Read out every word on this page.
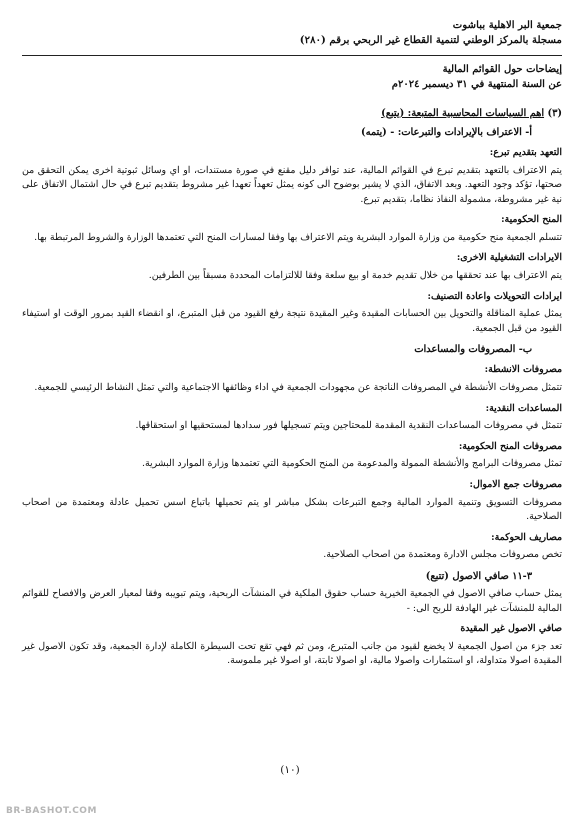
جمعية البر الاهلية بباشوت
مسجلة بالمركز الوطني لتنمية القطاع غير الربحي برقم (٢٨٠)
إيضاحات حول القوائم المالية
عن السنة المنتهية في ٣١ ديسمبر ٢٠٢٤م
(٣) اهم السياسات المحاسبية المتبعة: (يتبع)
أ- الاعتراف بالإيرادات والتبرعات: - (يتمه)
التعهد بتقديم تبرع:
يتم الاعتراف بالتعهد بتقديم تبرع في القوائم المالية، عند توافر دليل مقنع في صورة مستندات، او اي وسائل ثبوتية اخرى يمكن التحقق من صحتها، تؤكد وجود التعهد. وبعد الاتفاق، الذي لا يشير بوضوح الى كونه يمثل تعهداً تعهدا غير مشروط بتقديم تبرع في حال اشتمال الاتفاق على نية غير مشروطة، مشمولة النفاذ نظاما، بتقديم تبرع.
المنح الحكومية:
تتسلم الجمعية منح حكومية من وزارة الموارد البشرية ويتم الاعتراف بها وفقا لمسارات المنح التي تعتمدها الوزارة والشروط المرتبطة بها.
الايرادات التشغيلية الاخرى:
يتم الاعتراف بها عند تحققها من خلال تقديم خدمة او بيع سلعة وفقا للالتزامات المحددة مسبقاً بين الطرفين.
ايرادات التحويلات واعادة التصنيف:
يمثل عملية المناقلة والتحويل بين الحسابات المقيدة وغير المقيدة نتيجة رفع القيود من قبل المتبرع، او انقضاء القيد بمرور الوقت او استيفاء القيود من قبل الجمعية.
ب- المصروفات والمساعدات
مصروفات الانشطة:
تتمثل مصروفات الأنشطة في المصروفات الناتجة عن مجهودات الجمعية في اداء وظائفها الاجتماعية والتي تمثل النشاط الرئيسي للجمعية.
المساعدات النقدية:
تتمثل في مصروفات المساعدات النقدية المقدمة للمحتاجين ويتم تسجيلها فور سدادها لمستحقيها او استحقاقها.
مصروفات المنح الحكومية:
تمثل مصروفات البرامج والأنشطة الممولة والمدعومة من المنح الحكومية التي تعتمدها وزارة الموارد البشرية.
مصروفات جمع الاموال:
مصروفات التسويق وتنمية الموارد المالية وجمع التبرعات بشكل مباشر او يتم تحميلها باتباع اسس تحميل عادلة ومعتمدة من اصحاب الصلاحية.
مصاريف الحوكمة:
تخص مصروفات مجلس الادارة ومعتمدة من اصحاب الصلاحية.
٣-١١ صافي الاصول (تتبع)
يمثل حساب صافي الاصول في الجمعية الخيرية حساب حقوق الملكية في المنشآت الربحية، ويتم تبويبه وفقا لمعيار العرض والافصاح للقوائم المالية للمنشآت غير الهادفة للربح الى: -
صافي الاصول غير المقيدة
تعد جزء من اصول الجمعية لا يخضع لقيود من جانب المتبرع، ومن ثم فهي تقع تحت السيطرة الكاملة لإدارة الجمعية، وقد تكون الاصول غير المقيدة اصولا متداولة، او استثمارات واصولا مالية، او اصولا ثابتة، او اصولا غير ملموسة.
(١٠)
BR-BASHOT.COM
